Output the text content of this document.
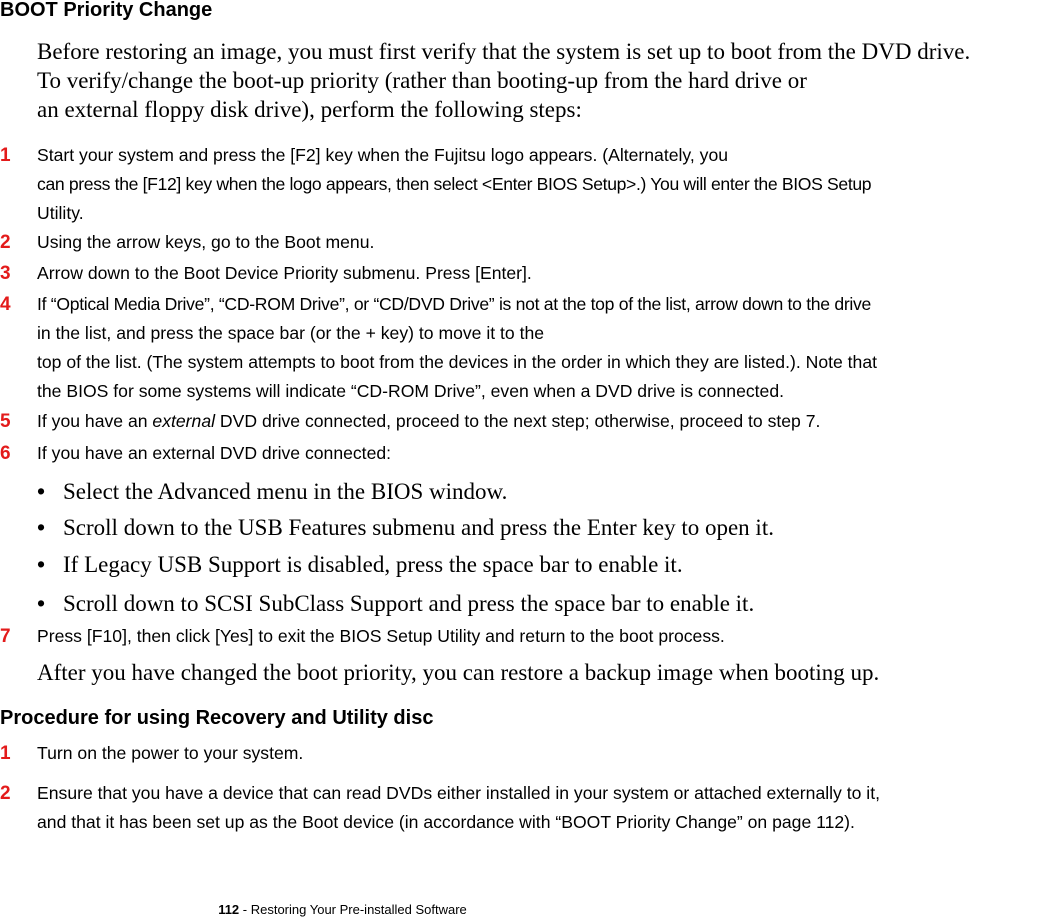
BOOT Priority Change

Before restoring an image, you must first verify that the system is set up to boot from the DVD drive.
To verify/change the boot-up priority (rather than booting-up from the hard drive or
an external floppy disk drive), perform the following steps:

1 Start your system and press the [F2] key when the Fujitsu logo appears. (Alternately, you
can press the [F12] key when the logo appears, then select <Enter BIOS Setup>.) You will enter the BIOS Setup
Utility.

2 Using the arrow keys, go to the Boot menu.

3 Arrow down to the Boot Device Priority submenu. Press [Enter].

4 If “Optical Media Drive”, “CD-ROM Drive”, or “CD/DVD Drive” is not at the top of the list, arrow down to the drive
in the list, and press the space bar (or the + key) to move it to the
top of the list. (The system attempts to boot from the devices in the order in which they are listed.). Note that
the BIOS for some systems will indicate “CD-ROM Drive”, even when a DVD drive is connected.

5 If you have an external DVD drive connected, proceed to the next step; otherwise, proceed to step 7.

6 If you have an external DVD drive connected:

• Select the Advanced menu in the BIOS window.
• Scroll down to the USB Features submenu and press the Enter key to open it.
• If Legacy USB Support is disabled, press the space bar to enable it.
• Scroll down to SCSI SubClass Support and press the space bar to enable it.
7 Press [F10], then click [Yes] to exit the BIOS Setup Utility and return to the boot process.

After you have changed the boot priority, you can restore a backup image when booting up.

Procedure for using Recovery and Utility disc
1 Turn on the power to your system.

2 Ensure that you have a device that can read DVDs either installed in your system or attached externally to it,
and that it has been set up as the Boot device (in accordance with “BOOT Priority Change” on page 112).

112 - Restoring Your Pre-installed Software
